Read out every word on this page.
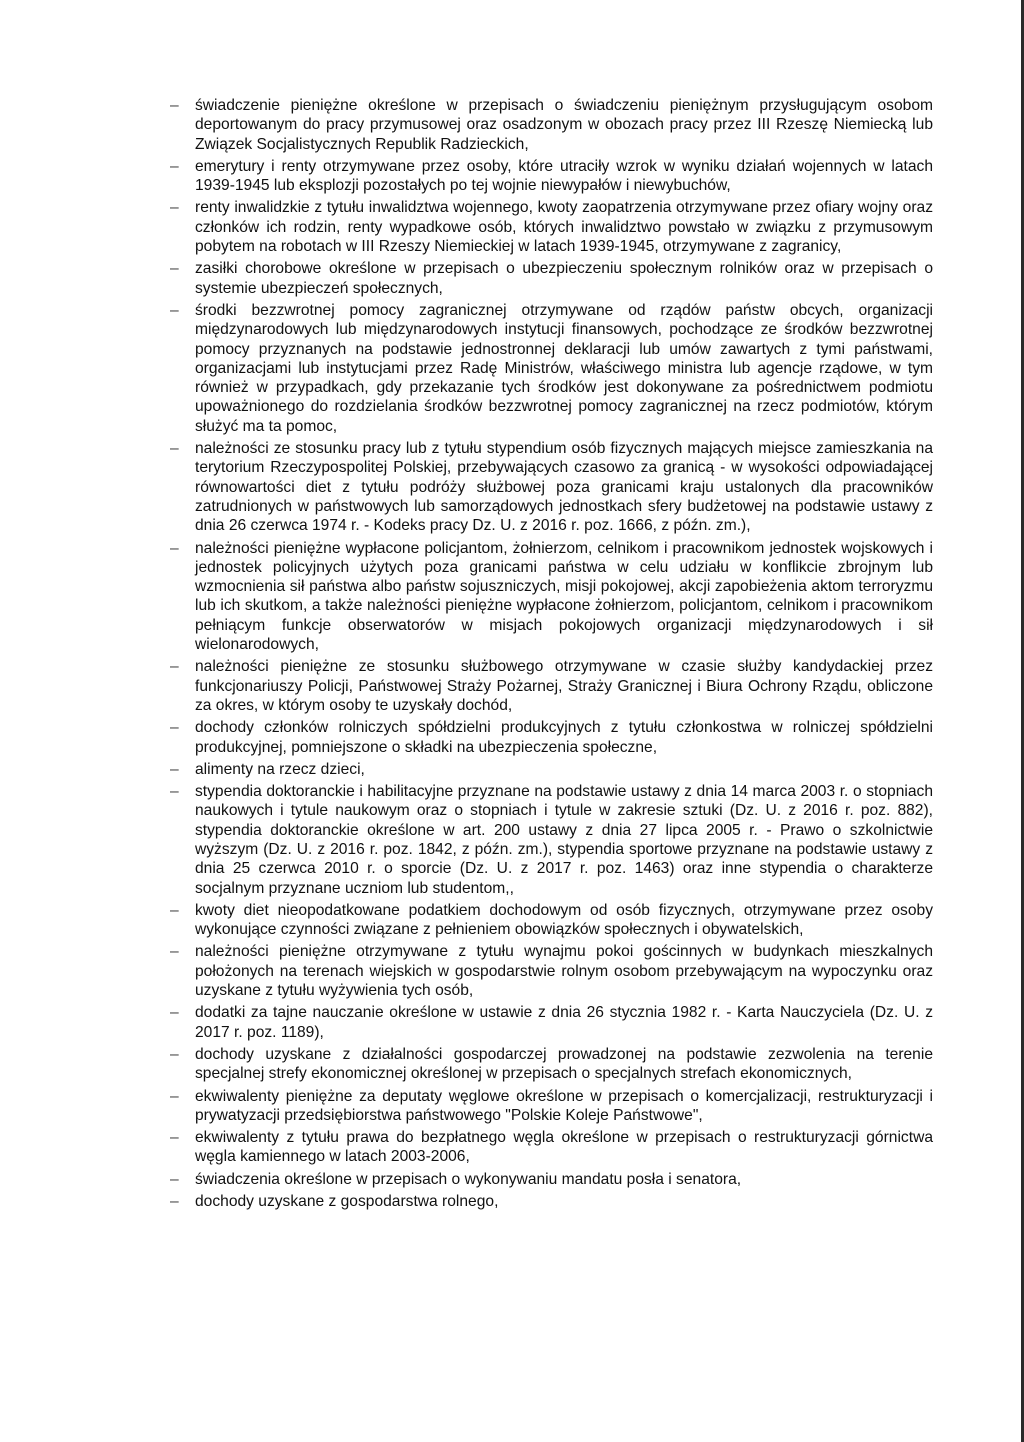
–	świadczenie pieniężne określone w przepisach o świadczeniu pieniężnym przysługującym osobom deportowanym do pracy przymusowej oraz osadzonym w obozach pracy przez III Rzeszę Niemiecką lub Związek Socjalistycznych Republik Radzieckich,
–	emerytury i renty otrzymywane przez osoby, które utraciły wzrok w wyniku działań wojennych w latach 1939-1945 lub eksplozji pozostałych po tej wojnie niewypałów i niewybuchów,
–	renty inwalidzkie z tytułu inwalidztwa wojennego, kwoty zaopatrzenia otrzymywane przez ofiary wojny oraz członków ich rodzin, renty wypadkowe osób, których inwalidztwo powstało w związku z przymusowym pobytem na robotach w III Rzeszy Niemieckiej w latach 1939-1945, otrzymywane z zagranicy,
–	zasiłki chorobowe określone w przepisach o ubezpieczeniu społecznym rolników oraz w przepisach o systemie ubezpieczeń społecznych,
–	środki bezzwrotnej pomocy zagranicznej otrzymywane od rządów państw obcych, organizacji międzynarodowych lub międzynarodowych instytucji finansowych, pochodzące ze środków bezzwrotnej pomocy przyznanych na podstawie jednostronnej deklaracji lub umów zawartych z tymi państwami, organizacjami lub instytucjami przez Radę Ministrów, właściwego ministra lub agencje rządowe, w tym również w przypadkach, gdy przekazanie tych środków jest dokonywane za pośrednictwem podmiotu upoważnionego do rozdzielania środków bezzwrotnej pomocy zagranicznej na rzecz podmiotów, którym służyć ma ta pomoc,
–	należności ze stosunku pracy lub z tytułu stypendium osób fizycznych mających miejsce zamieszkania na terytorium Rzeczypospolitej Polskiej, przebywających czasowo za granicą - w wysokości odpowiadającej równowartości diet z tytułu podróży służbowej poza granicami kraju ustalonych dla pracowników zatrudnionych w państwowych lub samorządowych jednostkach sfery budżetowej na podstawie ustawy z dnia 26 czerwca 1974 r. - Kodeks pracy Dz. U. z 2016 r. poz. 1666, z późn. zm.),
–	należności pieniężne wypłacone policjantom, żołnierzom, celnikom i pracownikom jednostek wojskowych i jednostek policyjnych użytych poza granicami państwa w celu udziału w konflikcie zbrojnym lub wzmocnienia sił państwa albo państw sojuszniczych, misji pokojowej, akcji zapobieżenia aktom terroryzmu lub ich skutkom, a także należności pieniężne wypłacone żołnierzom, policjantom, celnikom i pracownikom pełniącym funkcje obserwatorów w misjach pokojowych organizacji międzynarodowych i sił wielonarodowych,
–	należności pieniężne ze stosunku służbowego otrzymywane w czasie służby kandydackiej przez funkcjonariuszy Policji, Państwowej Straży Pożarnej, Straży Granicznej i Biura Ochrony Rządu, obliczone za okres, w którym osoby te uzyskały dochód,
–	dochody członków rolniczych spółdzielni produkcyjnych z tytułu członkostwa w rolniczej spółdzielni produkcyjnej, pomniejszone o składki na ubezpieczenia społeczne,
–	alimenty na rzecz dzieci,
–	stypendia doktoranckie i habilitacyjne przyznane na podstawie ustawy z dnia 14 marca 2003 r. o stopniach naukowych i tytule naukowym oraz o stopniach i tytule w zakresie sztuki (Dz. U. z 2016 r. poz. 882), stypendia doktoranckie określone w art. 200 ustawy z dnia 27 lipca 2005 r. - Prawo o szkolnictwie wyższym (Dz. U. z 2016 r. poz. 1842, z późn. zm.), stypendia sportowe przyznane na podstawie ustawy z dnia 25 czerwca 2010 r. o sporcie (Dz. U. z 2017 r. poz. 1463) oraz inne stypendia o charakterze socjalnym przyznane uczniom lub studentom,,
–	kwoty diet nieopodatkowane podatkiem dochodowym od osób fizycznych, otrzymywane przez osoby wykonujące czynności związane z pełnieniem obowiązków społecznych i obywatelskich,
–	należności pieniężne otrzymywane z tytułu wynajmu pokoi gościnnych w budynkach mieszkalnych położonych na terenach wiejskich w gospodarstwie rolnym osobom przebywającym na wypoczynku oraz uzyskane z tytułu wyżywienia tych osób,
–	dodatki za tajne nauczanie określone w ustawie z dnia 26 stycznia 1982 r. - Karta Nauczyciela (Dz. U. z 2017 r. poz. 1189),
–	dochody uzyskane z działalności gospodarczej prowadzonej na podstawie zezwolenia na terenie specjalnej strefy ekonomicznej określonej w przepisach o specjalnych strefach ekonomicznych,
–	ekwiwalenty pieniężne za deputaty węglowe określone w przepisach o komercjalizacji, restrukturyzacji i prywatyzacji przedsiębiorstwa państwowego "Polskie Koleje Państwowe",
–	ekwiwalenty z tytułu prawa do bezpłatnego węgla określone w przepisach o restrukturyzacji górnictwa węgla kamiennego w latach 2003-2006,
–	świadczenia określone w przepisach o wykonywaniu mandatu posła i senatora,
–	dochody uzyskane z gospodarstwa rolnego,
